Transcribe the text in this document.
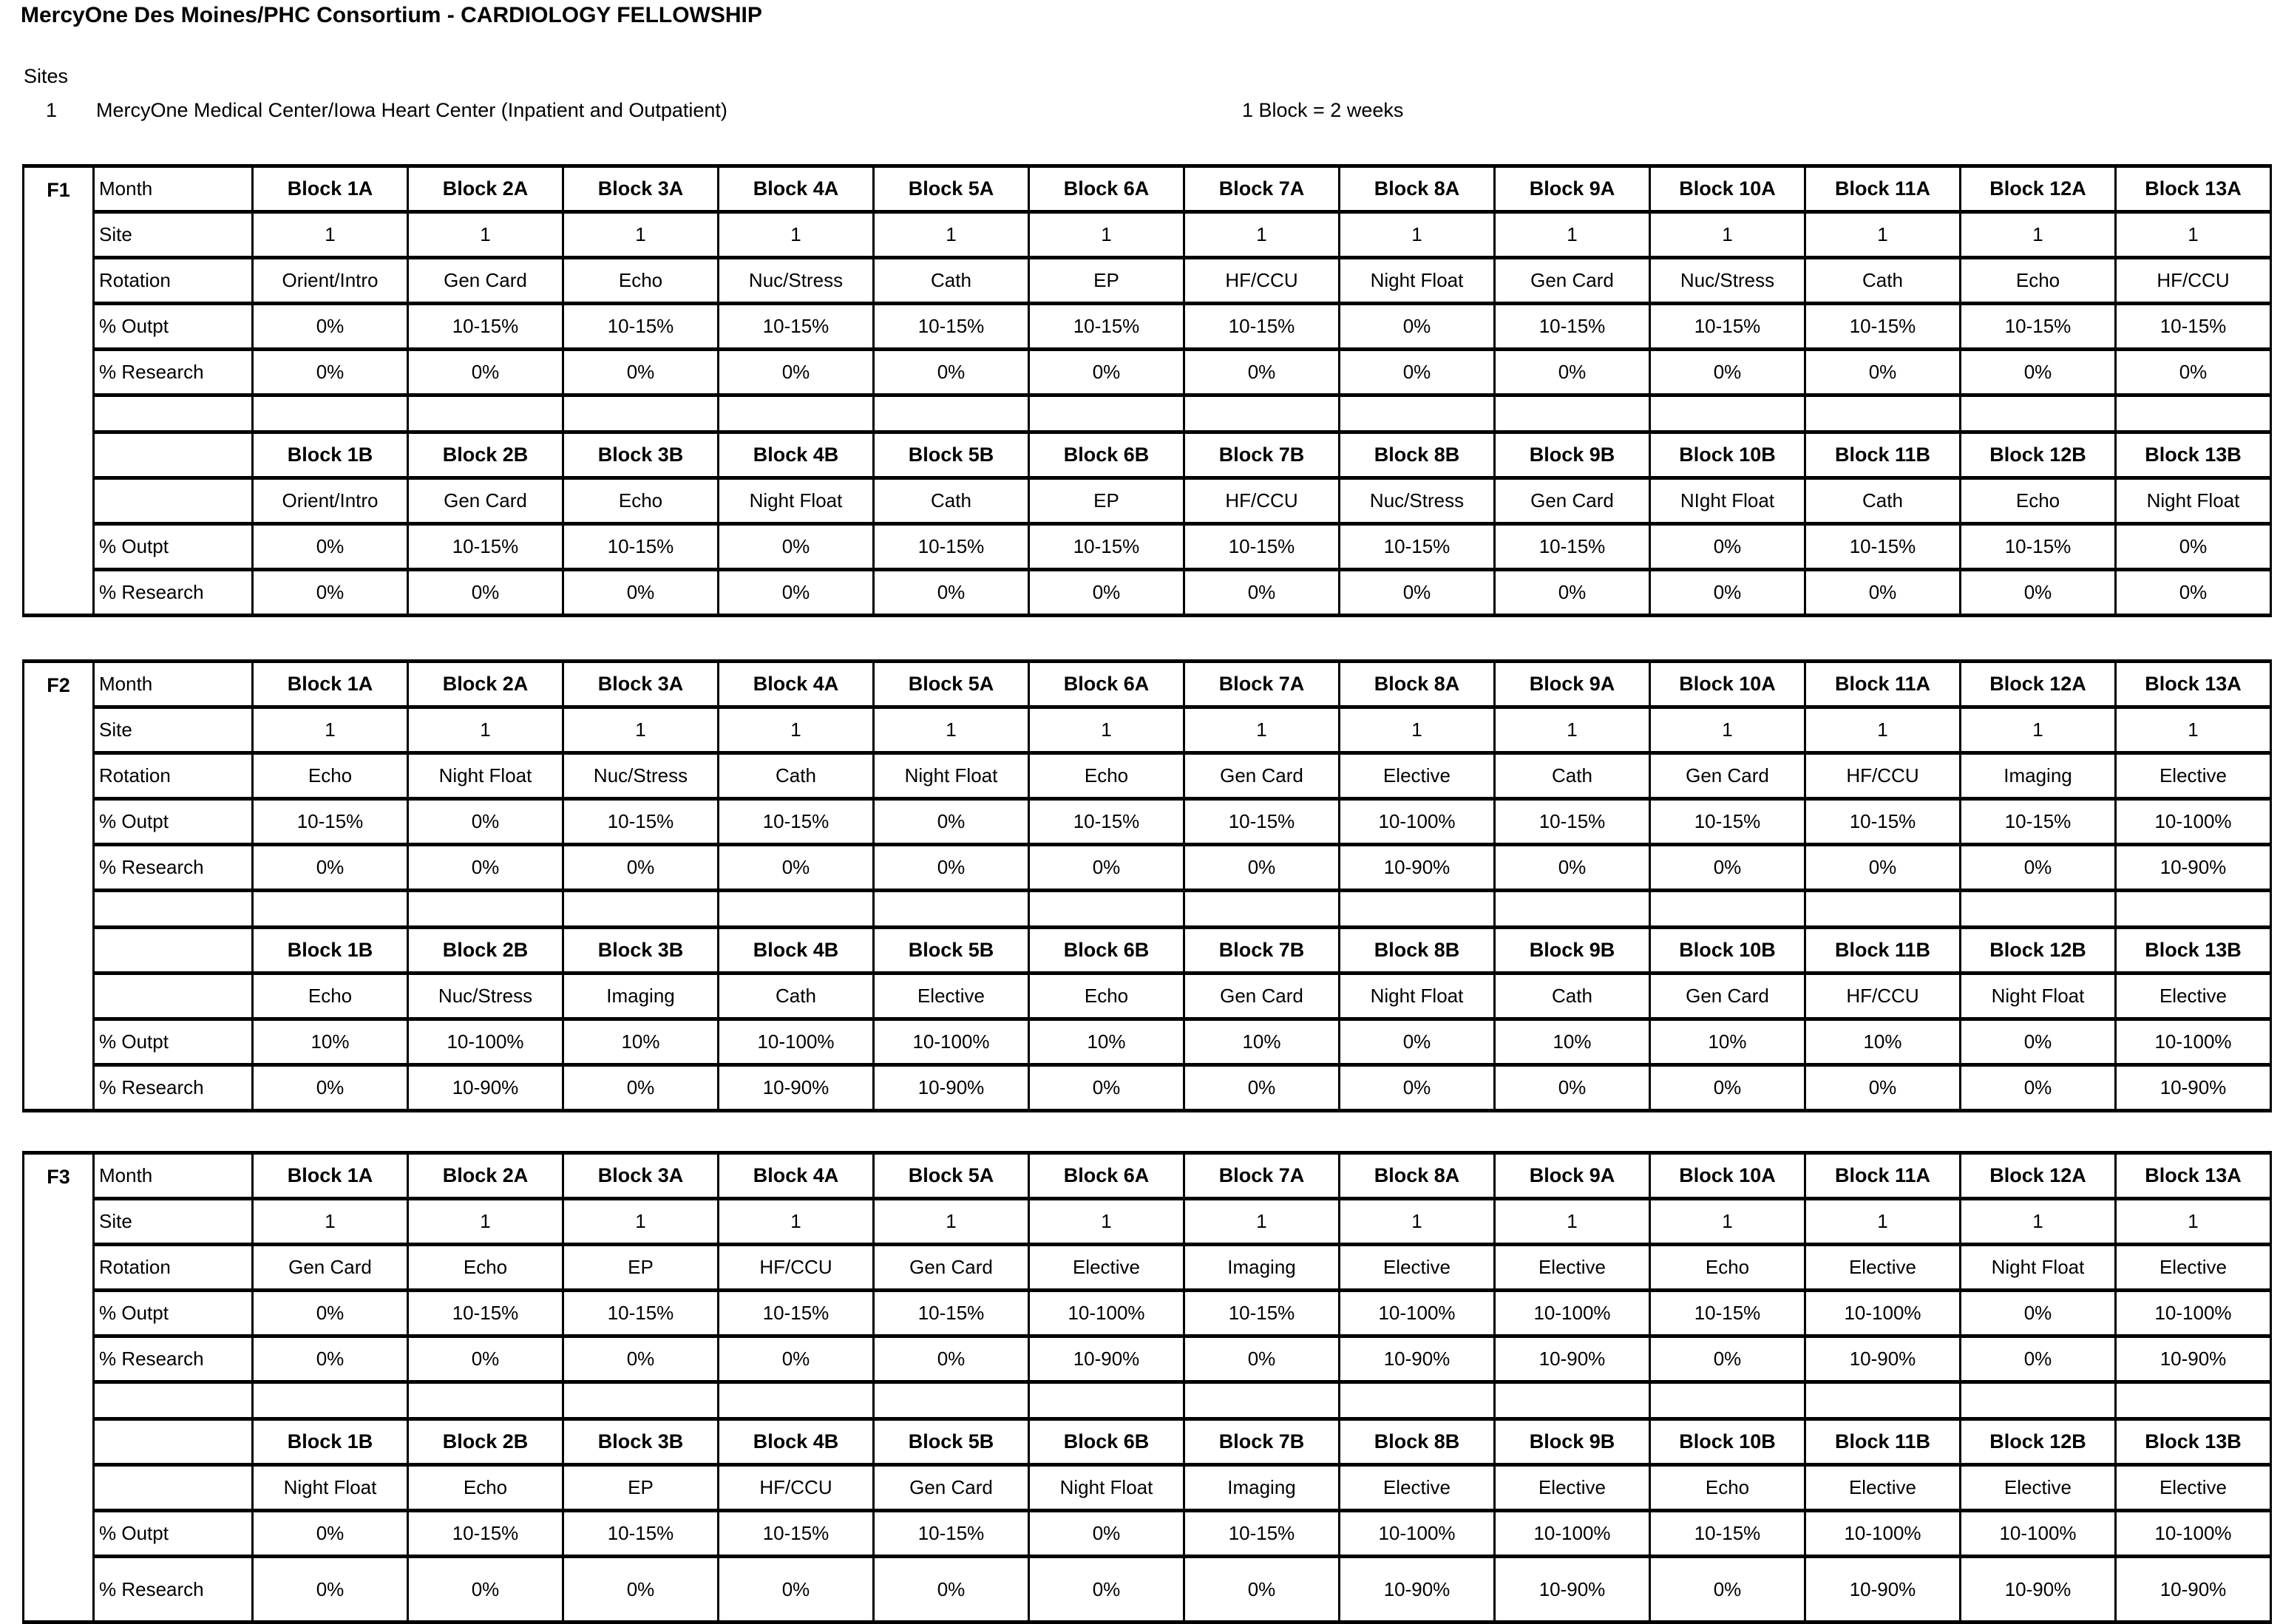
MercyOne Des Moines/PHC Consortium - CARDIOLOGY FELLOWSHIP
Sites
1 MercyOne Medical Center/Iowa Heart Center (Inpatient and Outpatient)	1 Block = 2 weeks
F1	Month	Block 1A	Block 2A	Block 3A	Block 4A	Block 5A	Block 6A	Block 7A	Block 8A	Block 9A	Block 10A	Block 11A	Block 12A	Block 13A
	Site	1	1	1	1	1	1	1	1	1	1	1	1	1
	Rotation	Orient/Intro	Gen Card	Echo	Nuc/Stress	Cath	EP	HF/CCU	Night Float	Gen Card	Nuc/Stress	Cath	Echo	HF/CCU
	% Outpt	0%	10-15%	10-15%	10-15%	10-15%	10-15%	10-15%	0%	10-15%	10-15%	10-15%	10-15%	10-15%
	% Research	0%	0%	0%	0%	0%	0%	0%	0%	0%	0%	0%	0%	0%

		Block 1B	Block 2B	Block 3B	Block 4B	Block 5B	Block 6B	Block 7B	Block 8B	Block 9B	Block 10B	Block 11B	Block 12B	Block 13B
		Orient/Intro	Gen Card	Echo	Night Float	Cath	EP	HF/CCU	Nuc/Stress	Gen Card	NIght Float	Cath	Echo	Night Float
	% Outpt	0%	10-15%	10-15%	0%	10-15%	10-15%	10-15%	10-15%	10-15%	0%	10-15%	10-15%	0%
	% Research	0%	0%	0%	0%	0%	0%	0%	0%	0%	0%	0%	0%	0%
F2	Month	Block 1A	Block 2A	Block 3A	Block 4A	Block 5A	Block 6A	Block 7A	Block 8A	Block 9A	Block 10A	Block 11A	Block 12A	Block 13A
	Site	1	1	1	1	1	1	1	1	1	1	1	1	1
	Rotation	Echo	Night Float	Nuc/Stress	Cath	Night Float	Echo	Gen Card	Elective	Cath	Gen Card	HF/CCU	Imaging	Elective
	% Outpt	10-15%	0%	10-15%	10-15%	0%	10-15%	10-15%	10-100%	10-15%	10-15%	10-15%	10-15%	10-100%
	% Research	0%	0%	0%	0%	0%	0%	0%	10-90%	0%	0%	0%	0%	10-90%

		Block 1B	Block 2B	Block 3B	Block 4B	Block 5B	Block 6B	Block 7B	Block 8B	Block 9B	Block 10B	Block 11B	Block 12B	Block 13B
		Echo	Nuc/Stress	Imaging	Cath	Elective	Echo	Gen Card	Night Float	Cath	Gen Card	HF/CCU	Night Float	Elective
	% Outpt	10%	10-100%	10%	10-100%	10-100%	10%	10%	0%	10%	10%	10%	0%	10-100%
	% Research	0%	10-90%	0%	10-90%	10-90%	0%	0%	0%	0%	0%	0%	0%	10-90%
F3	Month	Block 1A	Block 2A	Block 3A	Block 4A	Block 5A	Block 6A	Block 7A	Block 8A	Block 9A	Block 10A	Block 11A	Block 12A	Block 13A
	Site	1	1	1	1	1	1	1	1	1	1	1	1	1
	Rotation	Gen Card	Echo	EP	HF/CCU	Gen Card	Elective	Imaging	Elective	Elective	Echo	Elective	Night Float	Elective
	% Outpt	0%	10-15%	10-15%	10-15%	10-15%	10-100%	10-15%	10-100%	10-100%	10-15%	10-100%	0%	10-100%
	% Research	0%	0%	0%	0%	0%	10-90%	0%	10-90%	10-90%	0%	10-90%	0%	10-90%

		Block 1B	Block 2B	Block 3B	Block 4B	Block 5B	Block 6B	Block 7B	Block 8B	Block 9B	Block 10B	Block 11B	Block 12B	Block 13B
		Night Float	Echo	EP	HF/CCU	Gen Card	Night Float	Imaging	Elective	Elective	Echo	Elective	Elective	Elective
	% Outpt	0%	10-15%	10-15%	10-15%	10-15%	0%	10-15%	10-100%	10-100%	10-15%	10-100%	10-100%	10-100%
	% Research	0%	0%	0%	0%	0%	0%	0%	10-90%	10-90%	0%	10-90%	10-90%	10-90%
